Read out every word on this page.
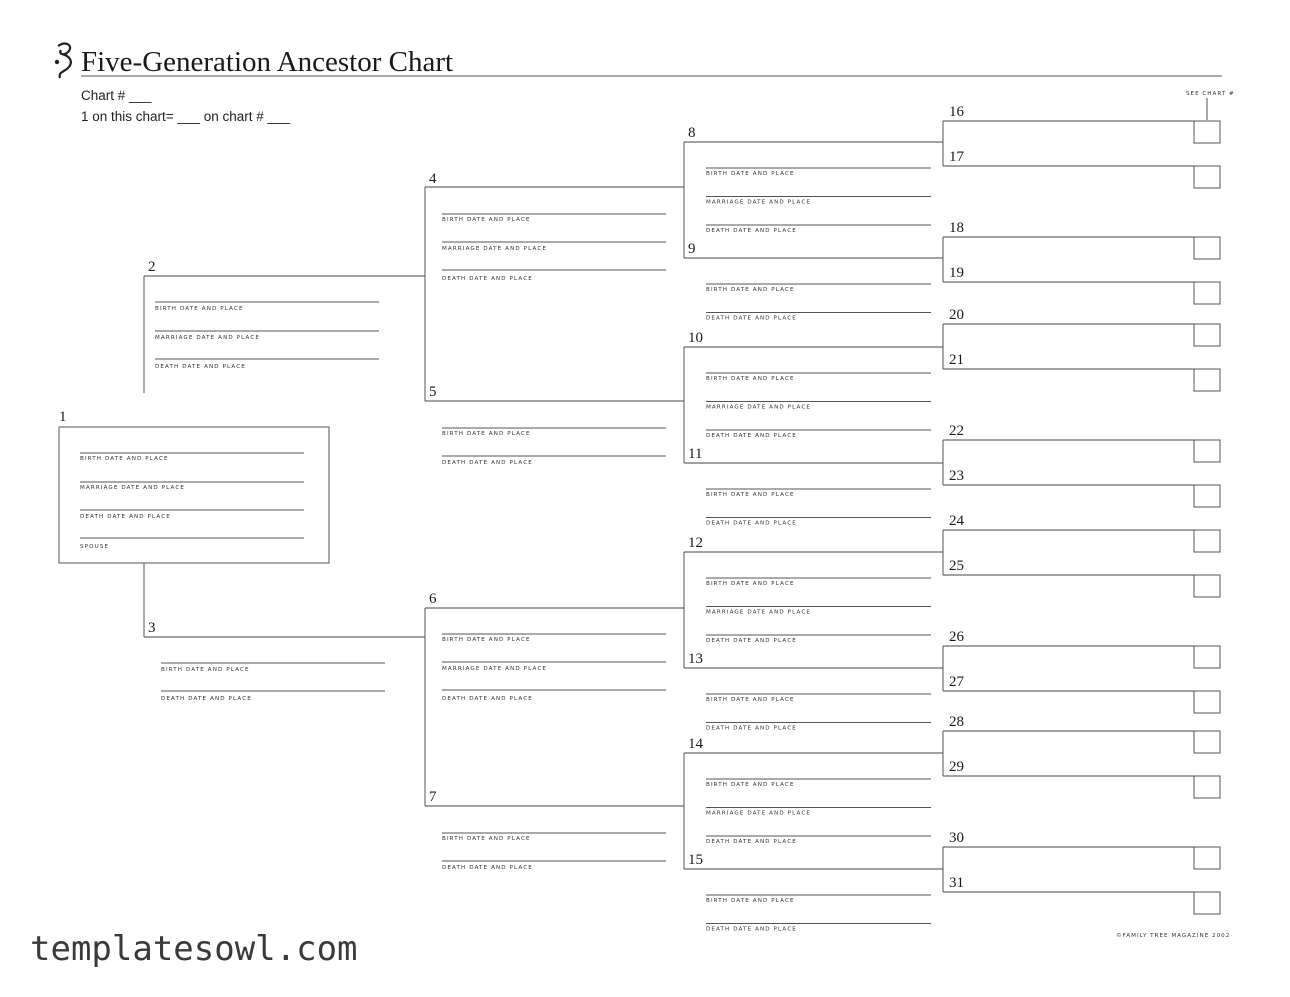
Five-Generation Ancestor Chart
Chart # ___
1 on this chart= ___ on chart # ___
SEE CHART #
1
BIRTH DATE AND PLACE
MARRIAGE DATE AND PLACE
DEATH DATE AND PLACE
SPOUSE
2
BIRTH DATE AND PLACE
MARRIAGE DATE AND PLACE
DEATH DATE AND PLACE
3
BIRTH DATE AND PLACE
DEATH DATE AND PLACE
4
BIRTH DATE AND PLACE
MARRIAGE DATE AND PLACE
DEATH DATE AND PLACE
5
BIRTH DATE AND PLACE
DEATH DATE AND PLACE
6
BIRTH DATE AND PLACE
MARRIAGE DATE AND PLACE
DEATH DATE AND PLACE
7
BIRTH DATE AND PLACE
DEATH DATE AND PLACE
8
BIRTH DATE AND PLACE
MARRIAGE DATE AND PLACE
DEATH DATE AND PLACE
9
BIRTH DATE AND PLACE
DEATH DATE AND PLACE
10
BIRTH DATE AND PLACE
MARRIAGE DATE AND PLACE
DEATH DATE AND PLACE
11
BIRTH DATE AND PLACE
DEATH DATE AND PLACE
12
BIRTH DATE AND PLACE
MARRIAGE DATE AND PLACE
DEATH DATE AND PLACE
13
BIRTH DATE AND PLACE
DEATH DATE AND PLACE
14
BIRTH DATE AND PLACE
MARRIAGE DATE AND PLACE
DEATH DATE AND PLACE
15
BIRTH DATE AND PLACE
DEATH DATE AND PLACE
16
17
18
19
20
21
22
23
24
25
26
27
28
29
30
31
©FAMILY TREE MAGAZINE 2002
templatesowl.com
